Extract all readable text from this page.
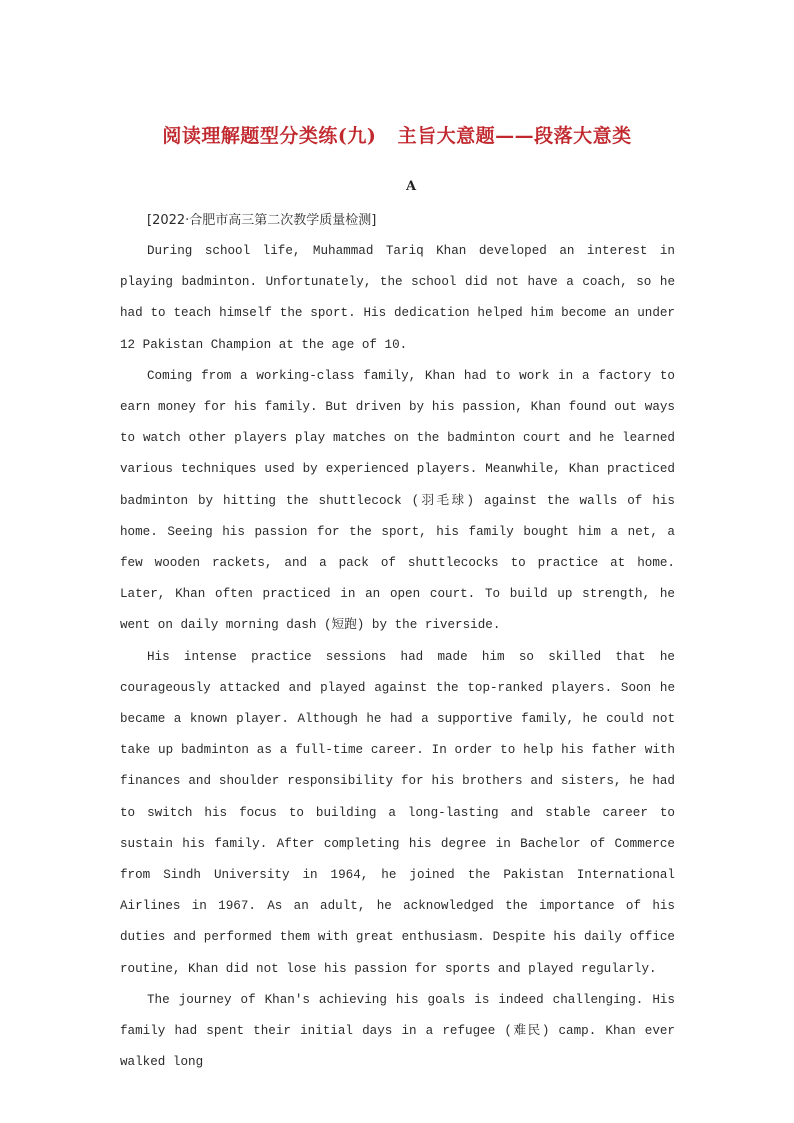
阅读理解题型分类练(九)   主旨大意题——段落大意类
A
[2022·合肥市高三第二次教学质量检测]

During school life, Muhammad Tariq Khan developed an interest in playing badminton. Unfortunately, the school did not have a coach, so he had to teach himself the sport. His dedication helped him become an under 12 Pakistan Champion at the age of 10.

Coming from a working-class family, Khan had to work in a factory to earn money for his family. But driven by his passion, Khan found out ways to watch other players play matches on the badminton court and he learned various techniques used by experienced players. Meanwhile, Khan practiced badminton by hitting the shuttlecock (羽毛球) against the walls of his home. Seeing his passion for the sport, his family bought him a net, a few wooden rackets, and a pack of shuttlecocks to practice at home. Later, Khan often practiced in an open court. To build up strength, he went on daily morning dash (短跑) by the riverside.

His intense practice sessions had made him so skilled that he courageously attacked and played against the top-ranked players. Soon he became a known player. Although he had a supportive family, he could not take up badminton as a full-time career. In order to help his father with finances and shoulder responsibility for his brothers and sisters, he had to switch his focus to building a long-lasting and stable career to sustain his family. After completing his degree in Bachelor of Commerce from Sindh University in 1964, he joined the Pakistan International Airlines in 1967. As an adult, he acknowledged the importance of his duties and performed them with great enthusiasm. Despite his daily office routine, Khan did not lose his passion for sports and played regularly.

The journey of Khan's achieving his goals is indeed challenging. His family had spent their initial days in a refugee (难民) camp. Khan ever walked long
